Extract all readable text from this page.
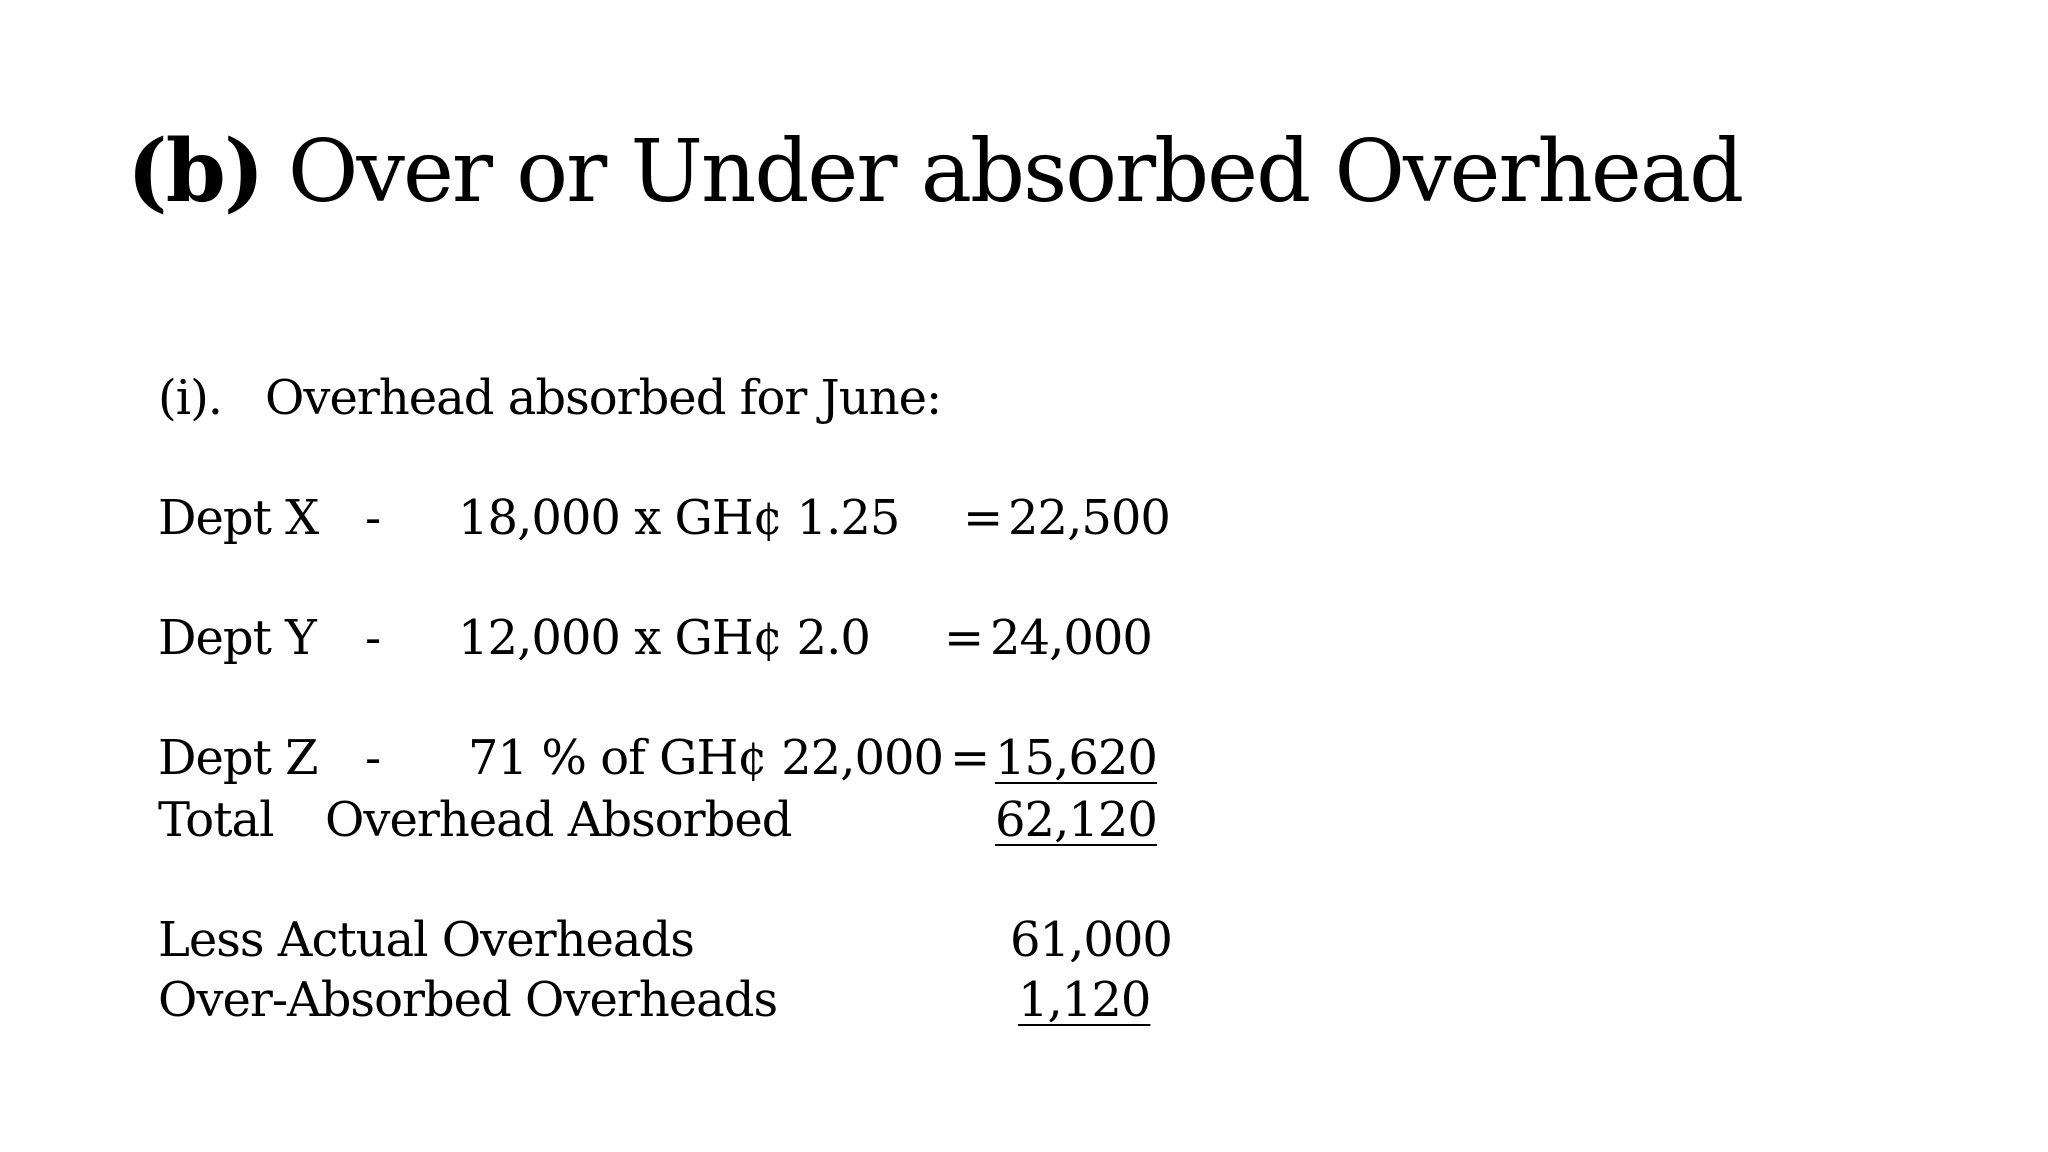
(b) Over or Under absorbed Overhead
(i). Overhead absorbed for June:
Dept X - 18,000 x GH¢ 1.25 = 22,500
Dept Y - 12,000 x GH¢ 2.0 = 24,000
Dept Z - 71 % of GH¢ 22,000 = 15,620
Total Overhead Absorbed	62,120
Less Actual Overheads	61,000
Over-Absorbed Overheads	1,120
